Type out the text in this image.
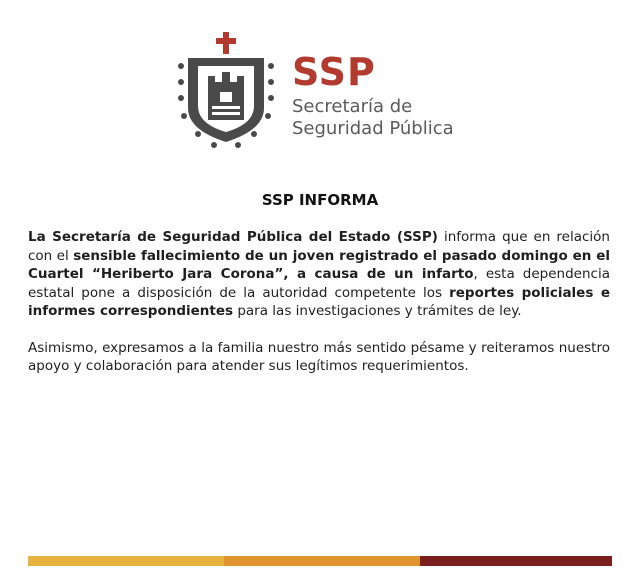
SSP
Secretaría de
Seguridad Pública
SSP INFORMA

La Secretaría de Seguridad Pública del Estado (SSP) informa que en relación con el sensible fallecimiento de un joven registrado el pasado domingo en el Cuartel “Heriberto Jara Corona”, a causa de un infarto, esta dependencia estatal pone a disposición de la autoridad competente los reportes policiales e informes correspondientes para las investigaciones y trámites de ley.

Asimismo, expresamos a la familia nuestro más sentido pésame y reiteramos nuestro apoyo y colaboración para atender sus legítimos requerimientos.
